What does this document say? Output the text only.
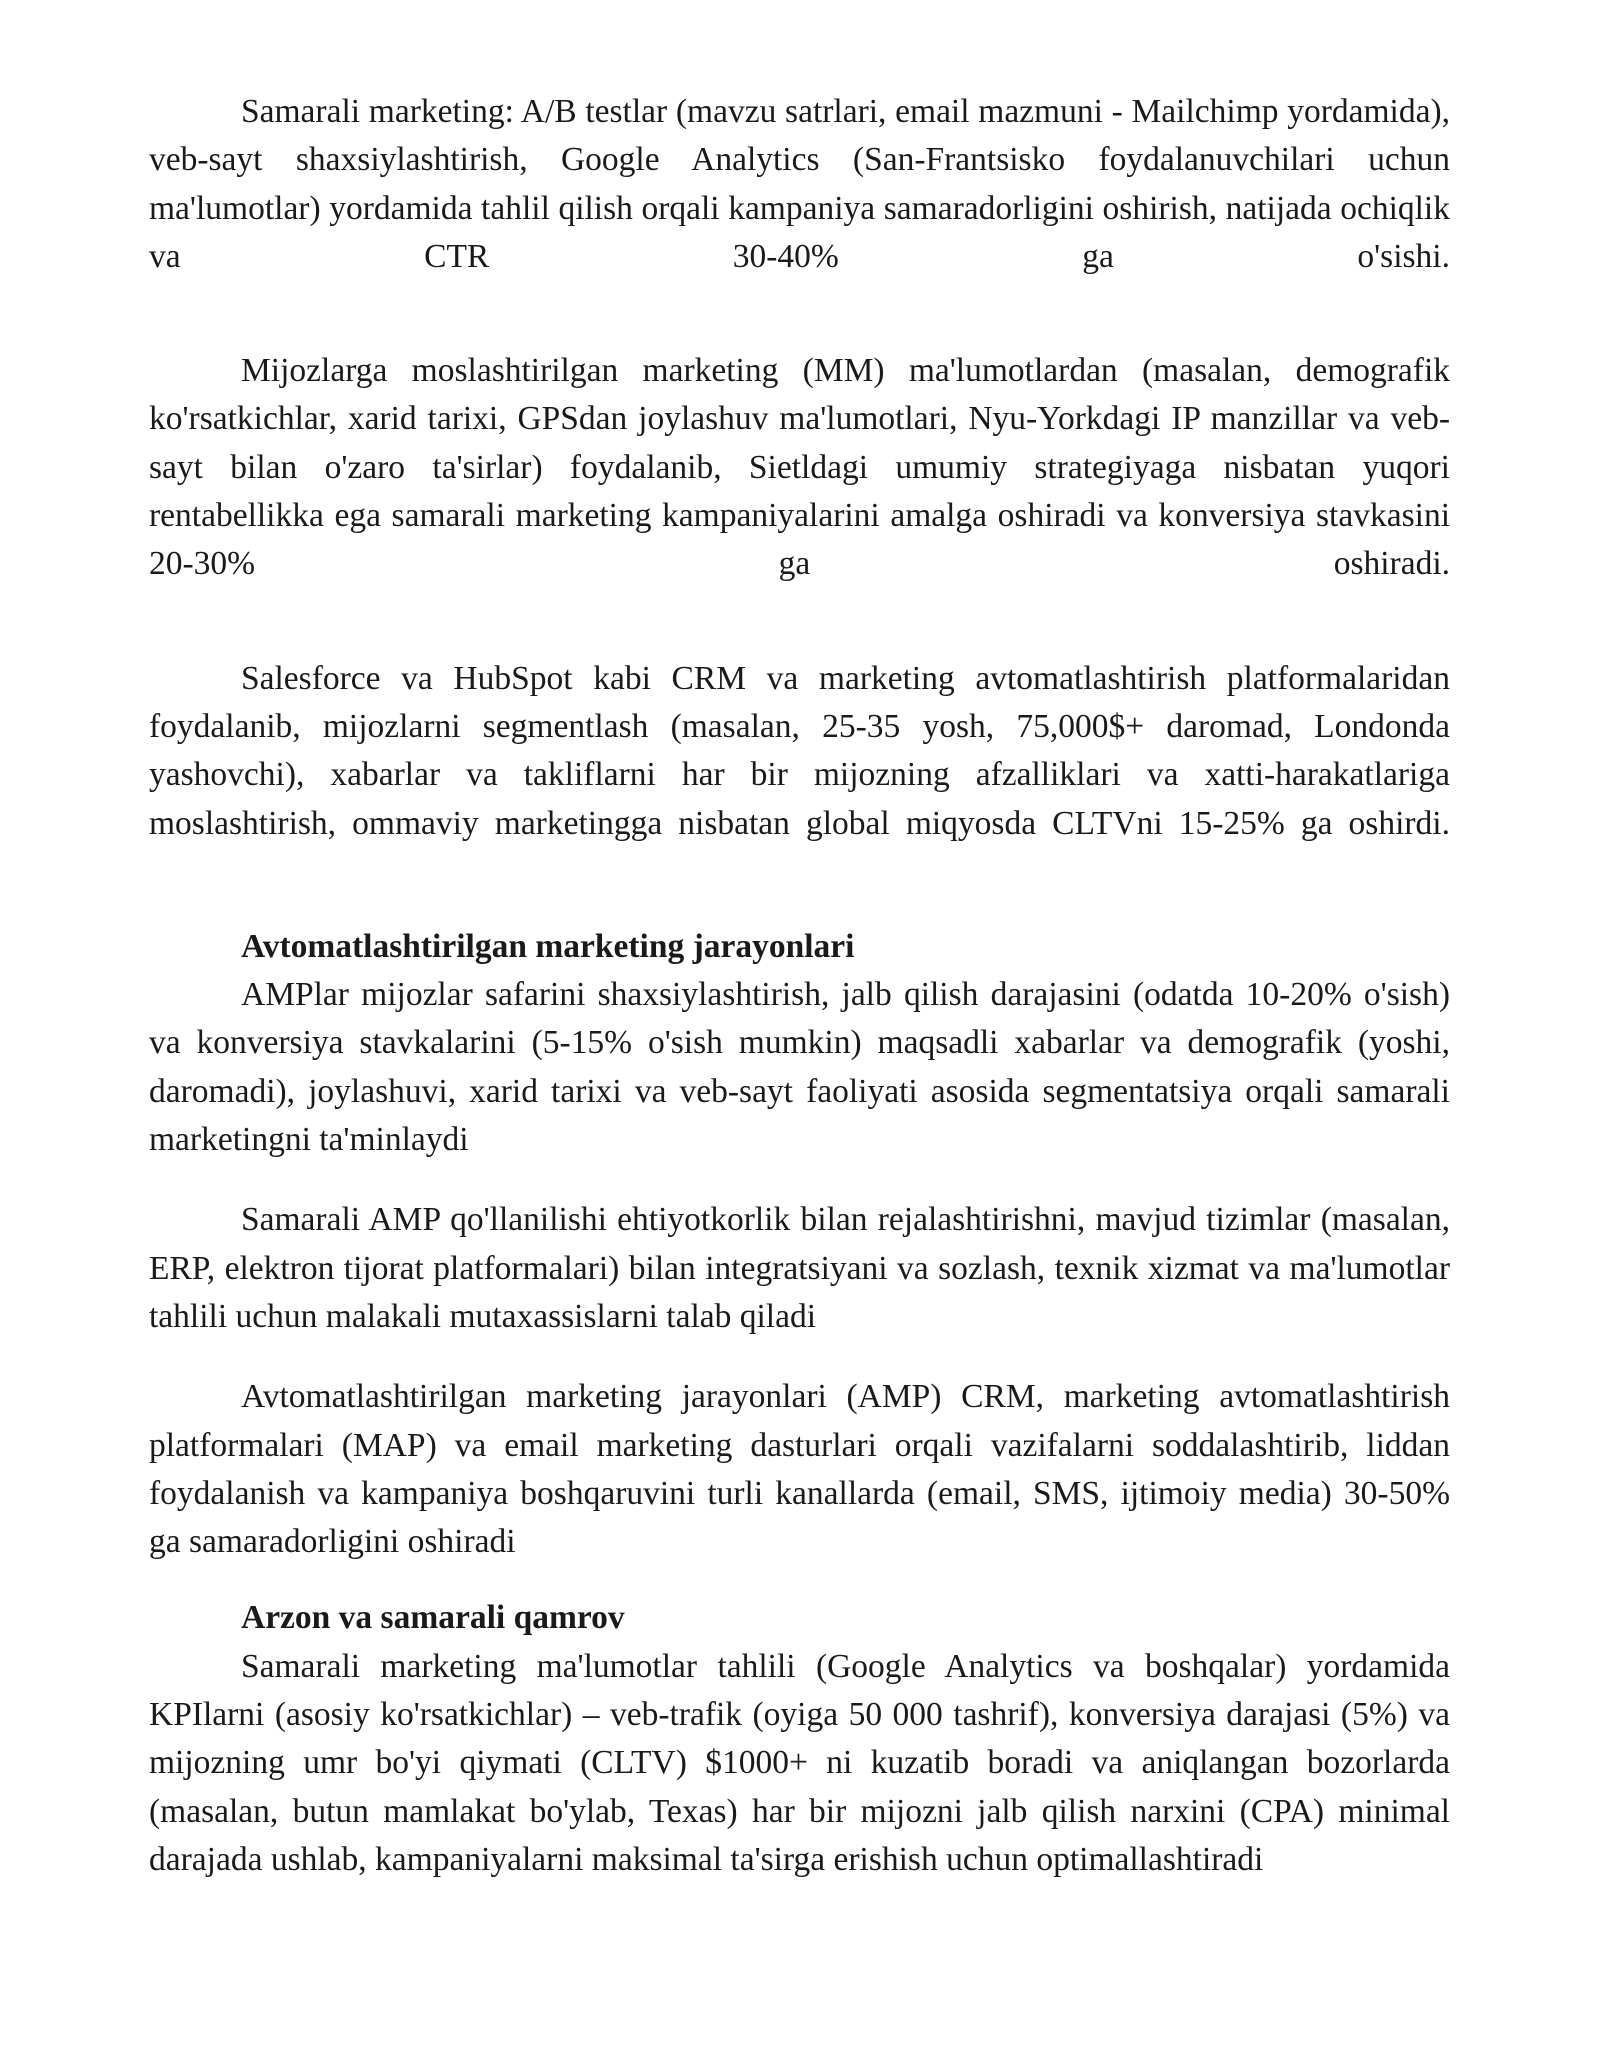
Samarali marketing: A/B testlar (mavzu satrlari, email mazmuni - Mailchimp yordamida), veb-sayt shaxsiylashtirish, Google Analytics (San-Frantsisko foydalanuvchilari uchun ma'lumotlar) yordamida tahlil qilish orqali kampaniya samaradorligini oshirish, natijada ochiqlik va CTR 30-40% ga o'sishi.

Mijozlarga moslashtirilgan marketing (MM) ma'lumotlardan (masalan, demografik ko'rsatkichlar, xarid tarixi, GPSdan joylashuv ma'lumotlari, Nyu-Yorkdagi IP manzillar va veb-sayt bilan o'zaro ta'sirlar) foydalanib, Sietldagi umumiy strategiyaga nisbatan yuqori rentabellikka ega samarali marketing kampaniyalarini amalga oshiradi va konversiya stavkasini 20-30% ga oshiradi.

Salesforce va HubSpot kabi CRM va marketing avtomatlashtirish platformalaridan foydalanib, mijozlarni segmentlash (masalan, 25-35 yosh, 75,000$+ daromad, Londonda yashovchi), xabarlar va takliflarni har bir mijozning afzalliklari va xatti-harakatlariga moslashtirish, ommaviy marketingga nisbatan global miqyosda CLTVni 15-25% ga oshirdi.

Avtomatlashtirilgan marketing jarayonlari

AMPlar mijozlar safarini shaxsiylashtirish, jalb qilish darajasini (odatda 10-20% o'sish) va konversiya stavkalarini (5-15% o'sish mumkin) maqsadli xabarlar va demografik (yoshi, daromadi), joylashuvi, xarid tarixi va veb-sayt faoliyati asosida segmentatsiya orqali samarali marketingni ta'minlaydi

Samarali AMP qo'llanilishi ehtiyotkorlik bilan rejalashtirishni, mavjud tizimlar (masalan, ERP, elektron tijorat platformalari) bilan integratsiyani va sozlash, texnik xizmat va ma'lumotlar tahlili uchun malakali mutaxassislarni talab qiladi

Avtomatlashtirilgan marketing jarayonlari (AMP) CRM, marketing avtomatlashtirish platformalari (MAP) va email marketing dasturlari orqali vazifalarni soddalashtirib, liddan foydalanish va kampaniya boshqaruvini turli kanallarda (email, SMS, ijtimoiy media) 30-50% ga samaradorligini oshiradi

Arzon va samarali qamrov

Samarali marketing ma'lumotlar tahlili (Google Analytics va boshqalar) yordamida KPIlarni (asosiy ko'rsatkichlar) – veb-trafik (oyiga 50 000 tashrif), konversiya darajasi (5%) va mijozning umr bo'yi qiymati (CLTV) $1000+ ni kuzatib boradi va aniqlangan bozorlarda (masalan, butun mamlakat bo'ylab, Texas) har bir mijozni jalb qilish narxini (CPA) minimal darajada ushlab, kampaniyalarni maksimal ta'sirga erishish uchun optimallashtiradi
